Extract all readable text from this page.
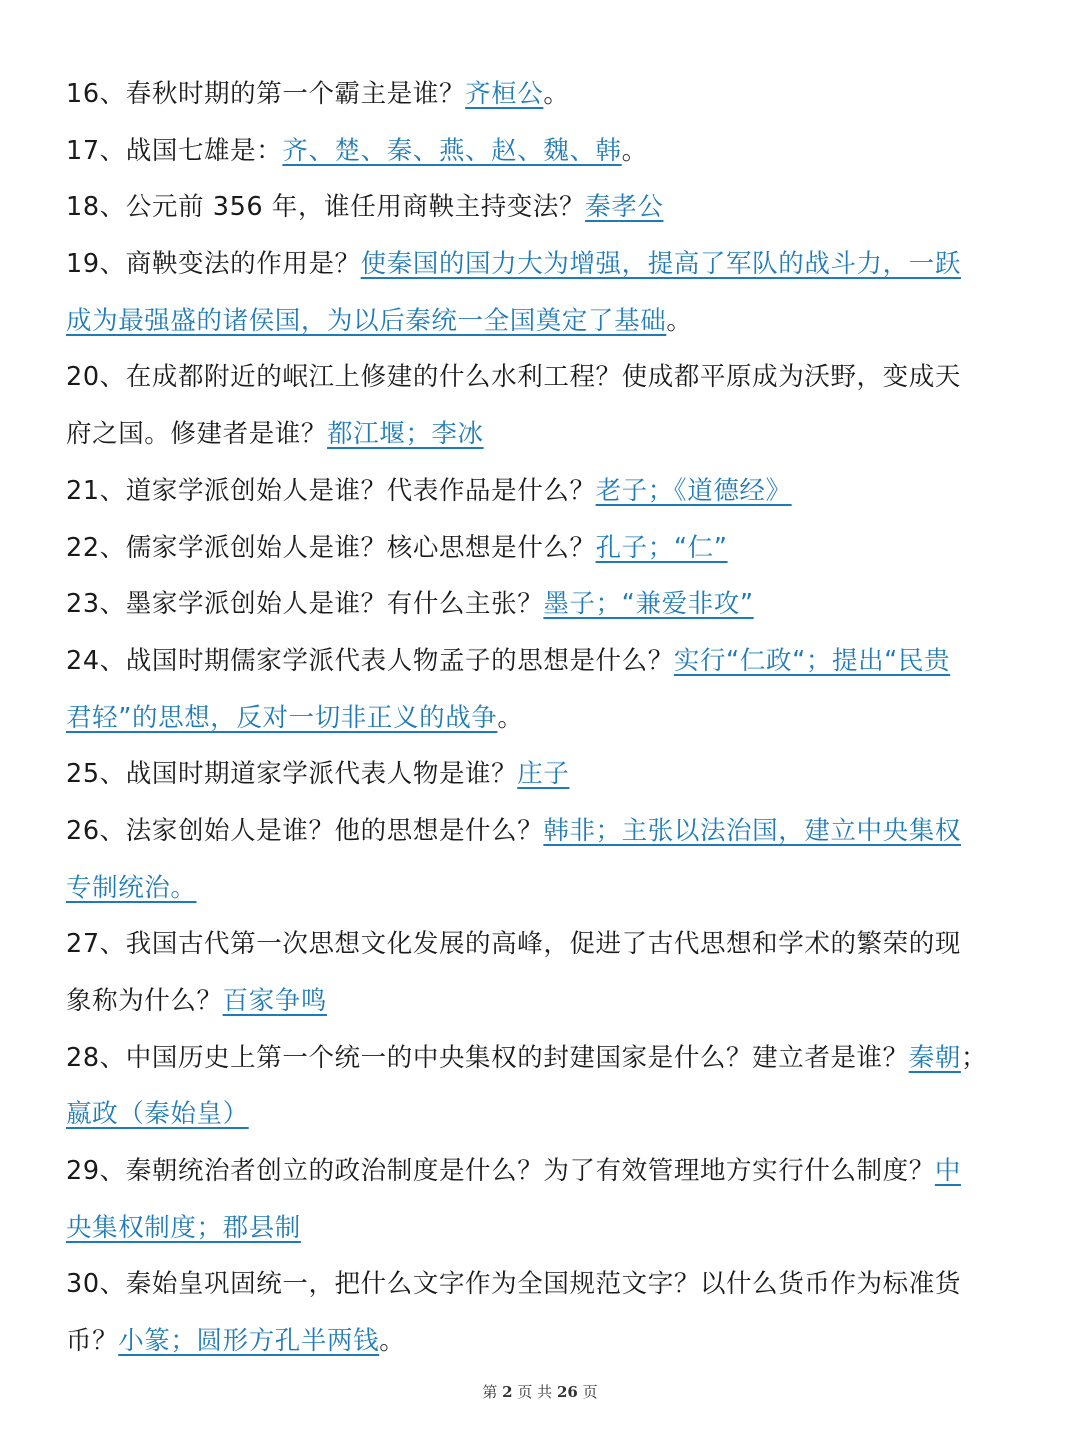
16、春秋时期的第一个霸主是谁？齐桓公。
17、战国七雄是：齐、楚、秦、燕、赵、魏、韩。
18、公元前 356 年，谁任用商鞅主持变法？秦孝公
19、商鞅变法的作用是？使秦国的国力大为增强，提高了军队的战斗力，一跃
成为最强盛的诸侯国，为以后秦统一全国奠定了基础。
20、在成都附近的岷江上修建的什么水利工程？使成都平原成为沃野，变成天
府之国。修建者是谁？都江堰；李冰
21、道家学派创始人是谁？代表作品是什么？老子；《道德经》
22、儒家学派创始人是谁？核心思想是什么？孔子；“仁”
23、墨家学派创始人是谁？有什么主张？墨子；“兼爱非攻”
24、战国时期儒家学派代表人物孟子的思想是什么？实行“仁政“；提出“民贵
君轻”的思想，反对一切非正义的战争。
25、战国时期道家学派代表人物是谁？庄子
26、法家创始人是谁？他的思想是什么？韩非；主张以法治国，建立中央集权
专制统治。
27、我国古代第一次思想文化发展的高峰，促进了古代思想和学术的繁荣的现
象称为什么？百家争鸣
28、中国历史上第一个统一的中央集权的封建国家是什么？建立者是谁？秦朝；
嬴政（秦始皇）
29、秦朝统治者创立的政治制度是什么？为了有效管理地方实行什么制度？中
央集权制度；郡县制
30、秦始皇巩固统一，把什么文字作为全国规范文字？以什么货币作为标准货
币？小篆；圆形方孔半两钱。
第 2 页 共 26 页
